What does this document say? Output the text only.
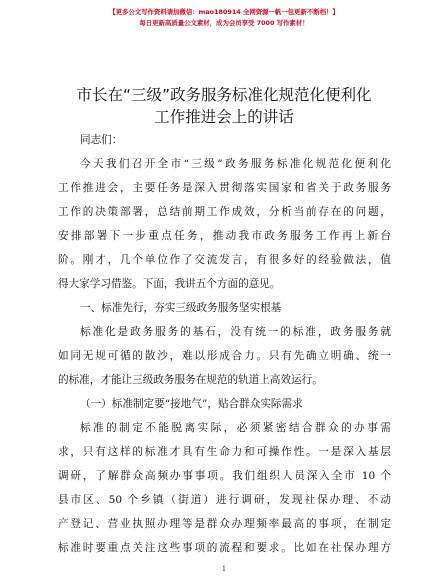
【更多公文写作资料请加微信：mao180914 全网资源一帆一包更新不断档！】
每日更新高质量公文素材，成为会员享受 7000 写作素材！
市长在“三级”政务服务标准化规范化便利化
工作推进会上的讲话
同志们：
今天我们召开全市“三级”政务服务标准化规范化便利化
工作推进会，主要任务是深入贯彻落实国家和省关于政务服务
工作的决策部署，总结前期工作成效，分析当前存在的问题，
安排部署下一步重点任务，推动我市政务服务工作再上新台
阶。刚才，几个单位作了交流发言，有很多好的经验做法，值
得大家学习借鉴。下面，我讲五个方面的意见。
一、标准先行，夯实三级政务服务坚实根基
标准化是政务服务的基石，没有统一的标准，政务服务就
如同无规可循的散沙，难以形成合力。只有先确立明确、统一
的标准，才能让三级政务服务在规范的轨道上高效运行。
（一）标准制定要“接地气”，贴合群众实际需求
标准的制定不能脱离实际，必须紧密结合群众的办事需
求，只有这样的标准才具有生命力和可操作性。一是深入基层
调研，了解群众高频办事事项。我们组织人员深入全市 10 个
县市区、50 个乡镇（街道）进行调研，发现社保办理、不动
产登记、营业执照办理等是群众办理频率最高的事项，在制定
标准时要重点关注这些事项的流程和要求。比如在社保办理方
1
